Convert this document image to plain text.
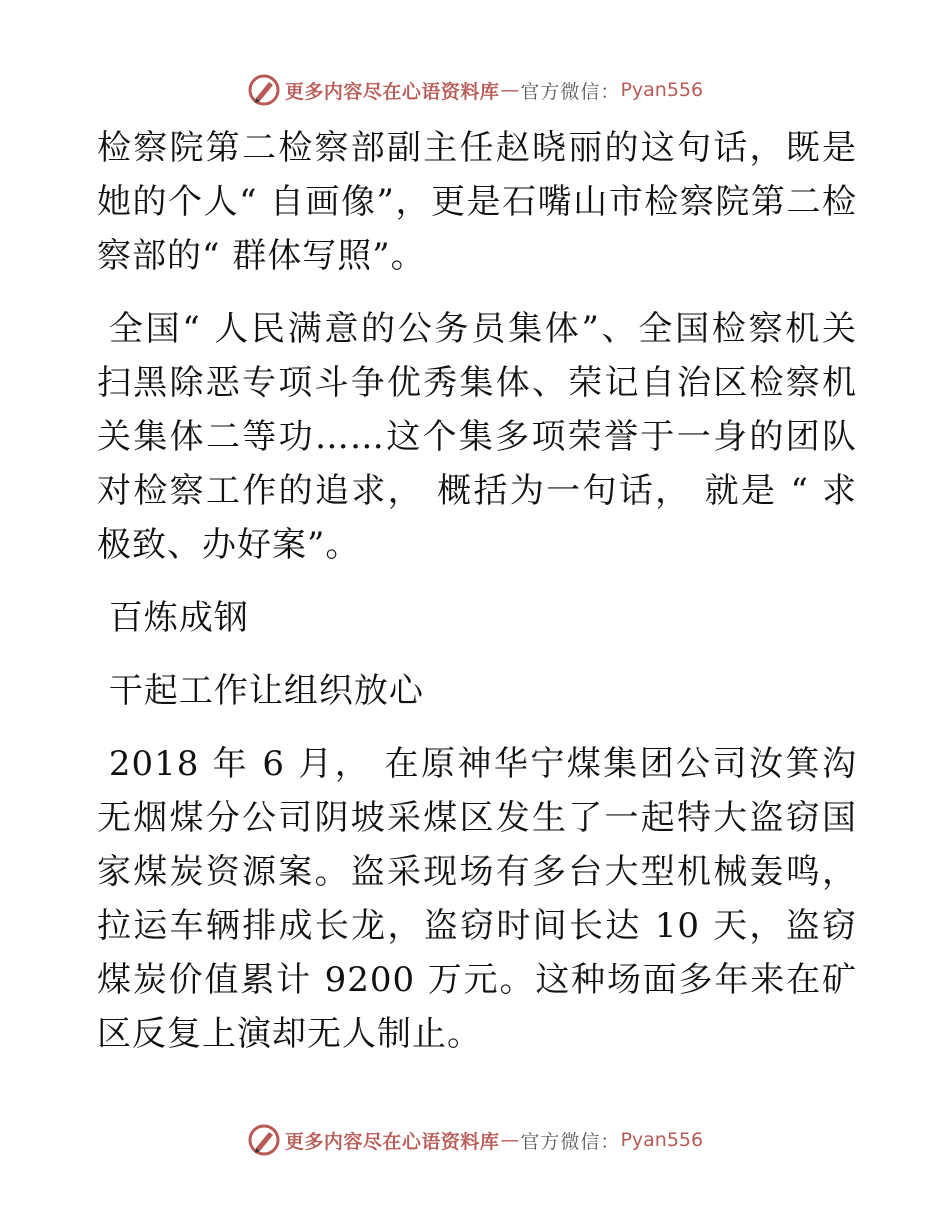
更多内容尽在心语资料库 — 官方微信： Pyan556

检察院第二检察部副主任赵晓丽的这句话，既是她的个人“ 自画像”，更是石嘴山市检察院第二检察部的“ 群体写照”。

全国“ 人民满意的公务员集体”、全国检察机关扫黑除恶专项斗争优秀集体、荣记自治区检察机关集体二等功……这个集多项荣誉于一身的团队对检察工作的追求， 概括为一句话， 就是 “ 求极致、办好案”。

百炼成钢

干起工作让组织放心

2018 年 6 月， 在原神华宁煤集团公司汝箕沟无烟煤分公司阴坡采煤区发生了一起特大盗窃国家煤炭资源案。盗采现场有多台大型机械轰鸣，拉运车辆排成长龙，盗窃时间长达 10 天，盗窃煤炭价值累计 9200 万元。这种场面多年来在矿区反复上演却无人制止。

更多内容尽在心语资料库 — 官方微信： Pyan556
